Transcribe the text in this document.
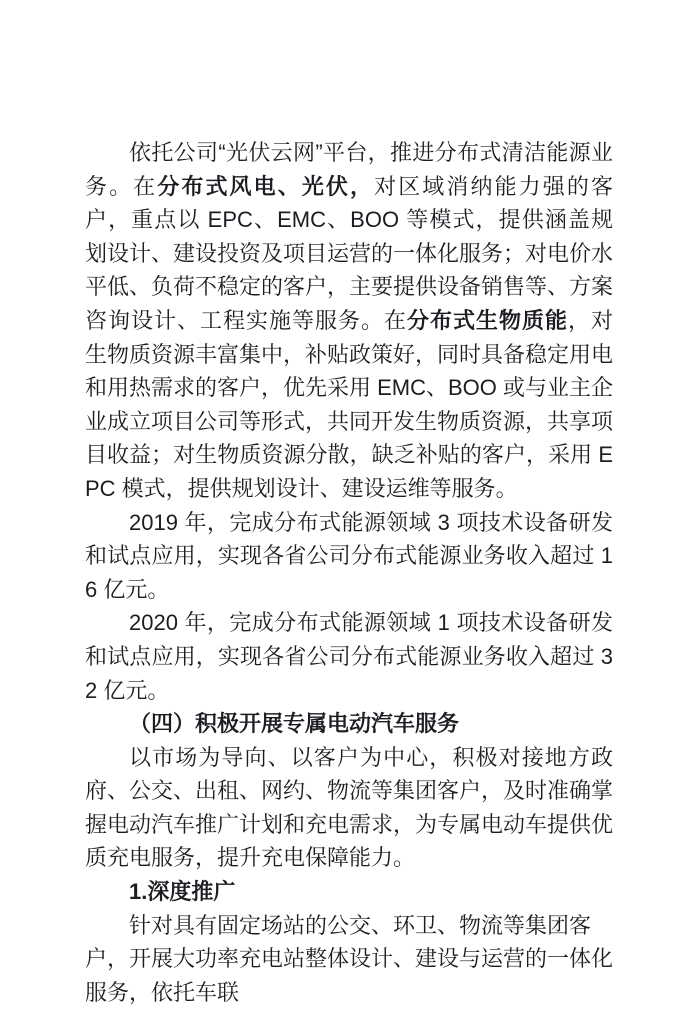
依托公司“光伏云网”平台，推进分布式清洁能源业务。在分布式风电、光伏，对区域消纳能力强的客户，重点以 EPC、EMC、BOO 等模式，提供涵盖规划设计、建设投资及项目运营的一体化服务；对电价水平低、负荷不稳定的客户，主要提供设备销售等、方案咨询设计、工程实施等服务。在分布式生物质能，对生物质资源丰富集中，补贴政策好，同时具备稳定用电和用热需求的客户，优先采用 EMC、BOO 或与业主企业成立项目公司等形式，共同开发生物质资源，共享项目收益；对生物质资源分散，缺乏补贴的客户，采用 EPC 模式，提供规划设计、建设运维等服务。

2019 年，完成分布式能源领域 3 项技术设备研发和试点应用，实现各省公司分布式能源业务收入超过 16 亿元。

2020 年，完成分布式能源领域 1 项技术设备研发和试点应用，实现各省公司分布式能源业务收入超过 32 亿元。

（四）积极开展专属电动汽车服务

以市场为导向、以客户为中心，积极对接地方政府、公交、出租、网约、物流等集团客户，及时准确掌握电动汽车推广计划和充电需求，为专属电动车提供优质充电服务，提升充电保障能力。

1.深度推广

针对具有固定场站的公交、环卫、物流等集团客户，开展大功率充电站整体设计、建设与运营的一体化服务，依托车联
